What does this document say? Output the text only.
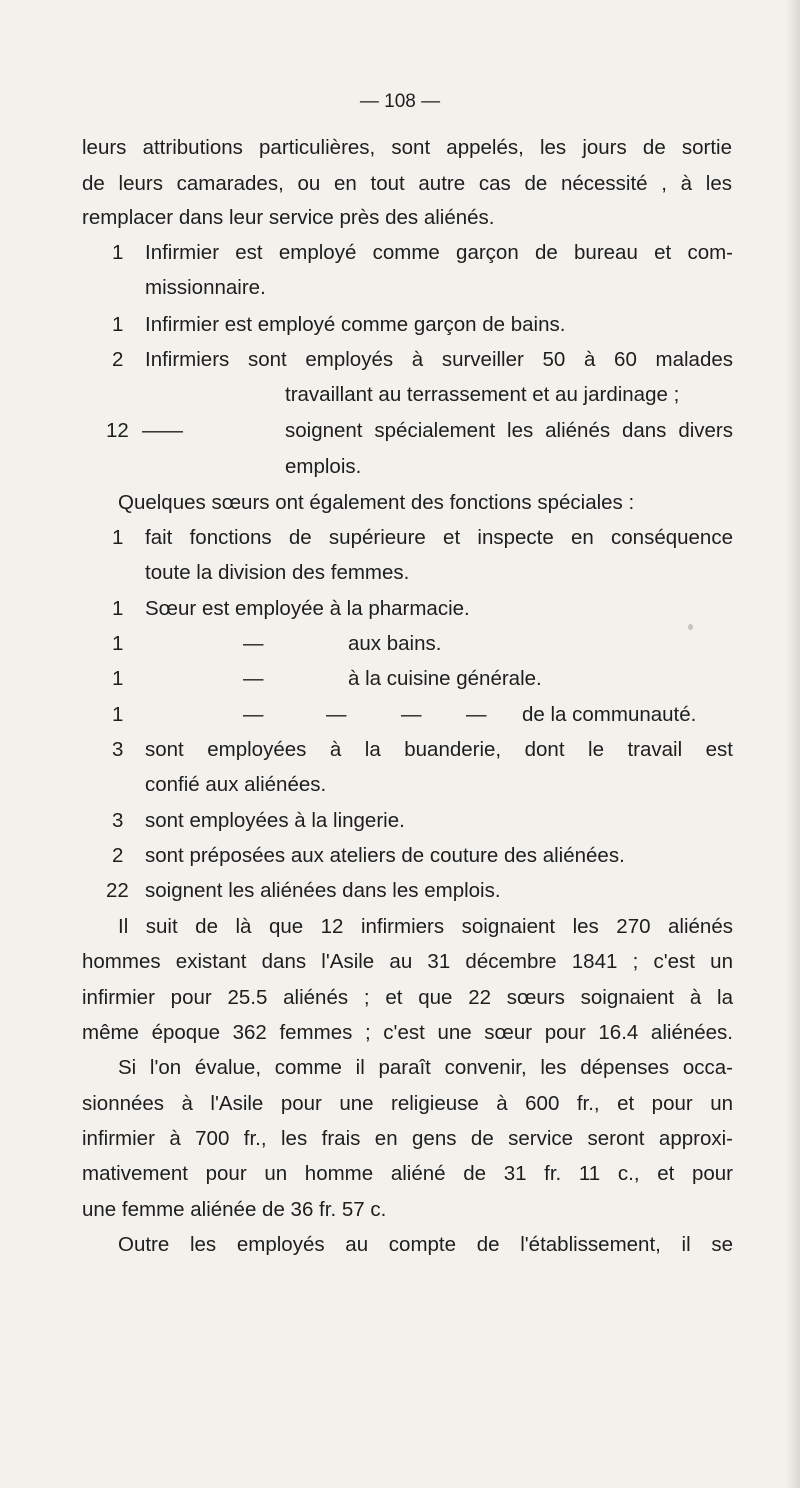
— 108 —
leurs attributions particulières, sont appelés, les jours de sortie
de leurs camarades, ou en tout autre cas de nécessité , à les
remplacer dans leur service près des aliénés.
1 Infirmier est employé comme garçon de bureau et com-
missionnaire.
1 Infirmier est employé comme garçon de bains.
2 Infirmiers sont employés à surveiller 50 à 60 malades
travaillant au terrassement et au jardinage ;
12 ——	soignent spécialement les aliénés dans divers
emplois.
Quelques sœurs ont également des fonctions spéciales :
1 fait fonctions de supérieure et inspecte en conséquence
toute la division des femmes.
1 Sœur est employée à la pharmacie.
1	—	aux bains.
1	—	à la cuisine générale.
1	—	—	— — de la communauté.
3 sont employées à la buanderie, dont le travail est
confié aux aliénées.
3 sont employées à la lingerie.
2 sont préposées aux ateliers de couture des aliénées.
22 soignent les aliénées dans les emplois.
Il suit de là que 12 infirmiers soignaient les 270 aliénés
hommes existant dans l'Asile au 31 décembre 1841 ; c'est un
infirmier pour 25.5 aliénés ; et que 22 sœurs soignaient à la
même époque 362 femmes ; c'est une sœur pour 16.4 aliénées.
Si l'on évalue, comme il paraît convenir, les dépenses occa-
sionnées à l'Asile pour une religieuse à 600 fr., et pour un
infirmier à 700 fr., les frais en gens de service seront approxi-
mativement pour un homme aliéné de 31 fr. 11 c., et pour
une femme aliénée de 36 fr. 57 c.
Outre les employés au compte de l'établissement, il se
